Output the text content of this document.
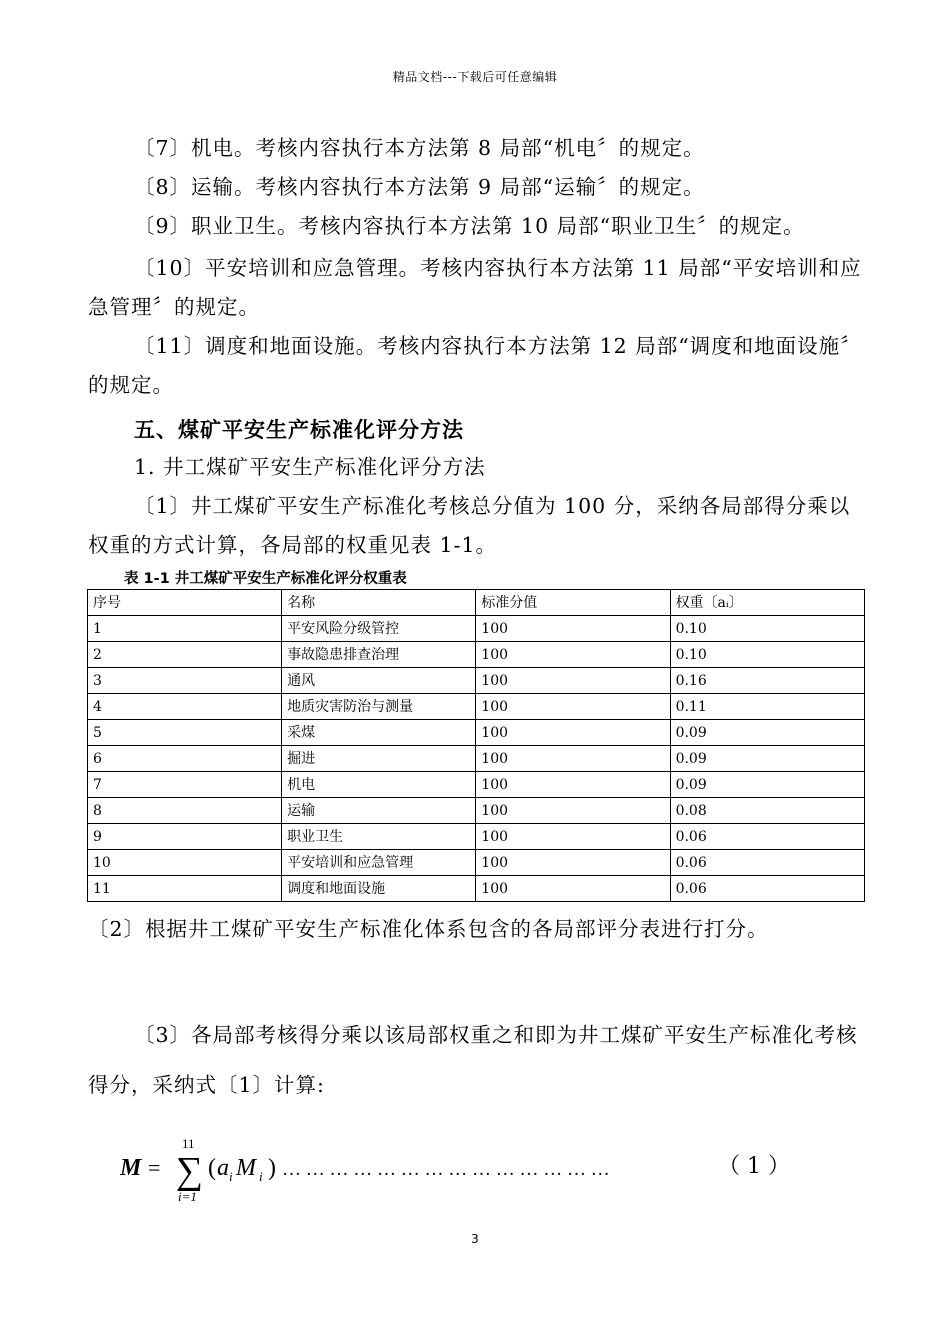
精品文档---下载后可任意编辑
〔7〕机电。考核内容执行本方法第 8 局部“机电〞的规定。
〔8〕运输。考核内容执行本方法第 9 局部“运输〞的规定。
〔9〕职业卫生。考核内容执行本方法第 10 局部“职业卫生〞的规定。
〔10〕平安培训和应急管理。考核内容执行本方法第 11 局部“平安培训和应急管理〞的规定。
〔11〕调度和地面设施。考核内容执行本方法第 12 局部“调度和地面设施〞的规定。
五、煤矿平安生产标准化评分方法
1. 井工煤矿平安生产标准化评分方法
〔1〕井工煤矿平安生产标准化考核总分值为 100 分，采纳各局部得分乘以权重的方式计算，各局部的权重见表 1-1。
表 1-1 井工煤矿平安生产标准化评分权重表
序号	名称	标准分值	权重〔aᵢ〕
1	平安风险分级管控	100	0.10
2	事故隐患排查治理	100	0.10
3	通风	100	0.16
4	地质灾害防治与测量	100	0.11
5	采煤	100	0.09
6	掘进	100	0.09
7	机电	100	0.09
8	运输	100	0.08
9	职业卫生	100	0.06
10	平安培训和应急管理	100	0.06
11	调度和地面设施	100	0.06
〔2〕根据井工煤矿平安生产标准化体系包含的各局部评分表进行打分。
〔3〕各局部考核得分乘以该局部权重之和即为井工煤矿平安生产标准化考核得分，采纳式〔1〕计算:
M = ∑
11
i=1
( a i M i ) … … … … … … … … … … … … … …	（ 1 ）
3
